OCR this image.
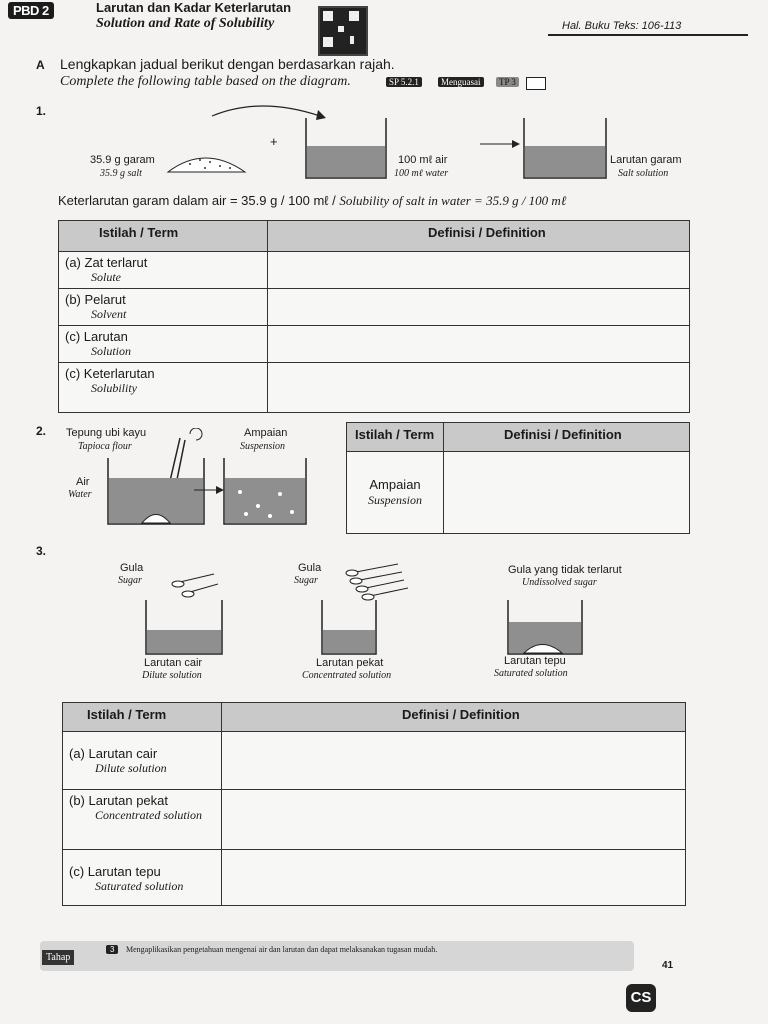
PBD 2	Larutan dan Kadar Keterlarutan
Solution and Rate of Solubility	Hal. Buku Teks: 106-113
A Lengkapkan jadual berikut dengan berdasarkan rajah.
Complete the following table based on the diagram.	SP 5.2.1	Menguasai	TP 3
1.
+
35.9 g garam
35.9 g salt
100 mℓ air
100 mℓ water
Larutan garam
Salt solution
Keterlarutan garam dalam air = 35.9 g / 100 mℓ / Solubility of salt in water = 35.9 g / 100 mℓ
Istilah / Term	Definisi / Definition
(a) Zat terlarut
Solute	

(b) Pelarut
Solvent	

(c) Larutan
Solution	

(c) Keterlarutan
Solubility	

2. Tepung ubi kayu
Tapioca flour
Air
Water
Ampaian
Suspension
Istilah / Term	Definisi / Definition
Ampaian
Suspension	
3.
Gula
Sugar
Gula
Sugar
Gula yang tidak terlarut
Undissolved sugar
Larutan cair
Dilute solution
Larutan pekat
Concentrated solution
Larutan tepu
Saturated solution
Istilah / Term	Definisi / Definition
(a) Larutan cair
Dilute solution	

(b) Larutan pekat
Concentrated solution	

(c) Larutan tepu
Saturated solution	

Tahap
3	Mengaplikasikan pengetahuan mengenai air dan larutan dan dapat melaksanakan tugasan mudah.
41
CS
